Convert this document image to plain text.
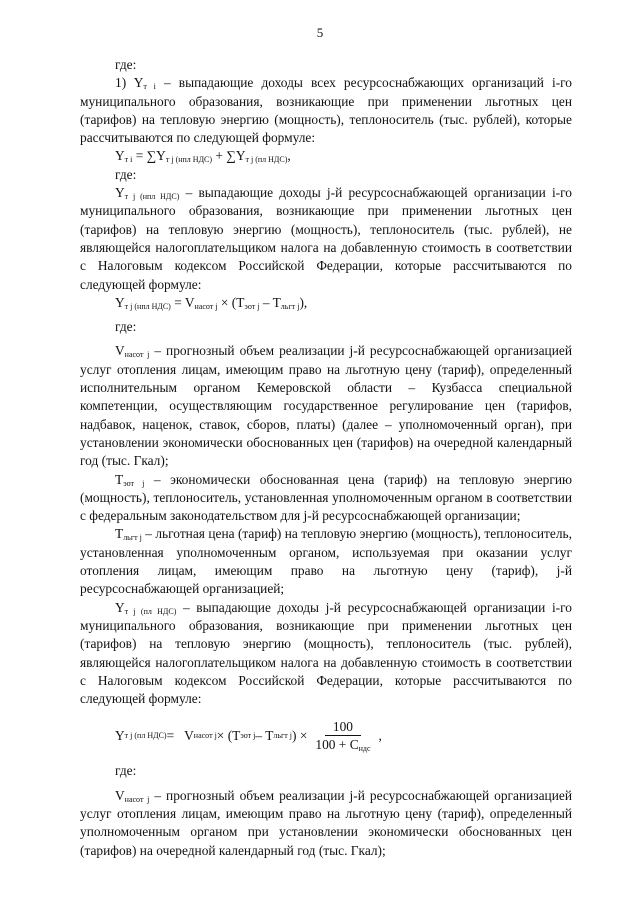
5

где:

1) $Y_{т i}$ – выпадающие доходы всех ресурсоснабжающих организаций i-го муниципального образования, возникающие при применении льготных цен (тарифов) на тепловую энергию (мощность), теплоноситель (тыс. рублей), которые рассчитываются по следующей формуле:

$Y_{т i} = \sum Y_{т j (нпл НДС)} + \sum Y_{т j (пл НДС)}$,

где:

$Y_{т j (нпл НДС)}$ – выпадающие доходы j-й ресурсоснабжающей организации i-го муниципального образования, возникающие при применении льготных цен (тарифов) на тепловую энергию (мощность), теплоноситель (тыс. рублей), не являющейся налогоплательщиком налога на добавленную стоимость в соответствии с Налоговым кодексом Российской Федерации, которые рассчитываются по следующей формуле:

$Y_{т j (нпл НДС)} = V_{насот j} \times (T_{эот j} - T_{льгт j})$,

где:

$V_{насот j}$ – прогнозный объем реализации j-й ресурсоснабжающей организацией услуг отопления лицам, имеющим право на льготную цену (тариф), определенный исполнительным органом Кемеровской области – Кузбасса специальной компетенции, осуществляющим государственное регулирование цен (тарифов, надбавок, наценок, ставок, сборов, платы) (далее – уполномоченный орган), при установлении экономически обоснованных цен (тарифов) на очередной календарный год (тыс. Гкал);

$T_{эот j}$ – экономически обоснованная цена (тариф) на тепловую энергию (мощность), теплоноситель, установленная уполномоченным органом в соответствии с федеральным законодательством для j-й ресурсоснабжающей организации;

$T_{льгт j}$ – льготная цена (тариф) на тепловую энергию (мощность), теплоноситель, установленная уполномоченным органом, используемая при оказании услуг отопления лицам, имеющим право на льготную цену (тариф), j-й ресурсоснабжающей организацией;

$Y_{т j (пл НДС)}$ – выпадающие доходы j-й ресурсоснабжающей организации i-го муниципального образования, возникающие при применении льготных цен (тарифов) на тепловую энергию (мощность), теплоноситель (тыс. рублей), являющейся налогоплательщиком налога на добавленную стоимость в соответствии с Налоговым кодексом Российской Федерации, которые рассчитываются по следующей формуле:

Y т j (пл НДС) = V насот j × (T эот j – T льгт j ) × $\frac{100}{100 + C_{ндс}}$ ,

где:

$V_{насот j}$ – прогнозный объем реализации j-й ресурсоснабжающей организацией услуг отопления лицам, имеющим право на льготную цену (тариф), определенный уполномоченным органом при установлении экономически обоснованных цен (тарифов) на очередной календарный год (тыс. Гкал);
